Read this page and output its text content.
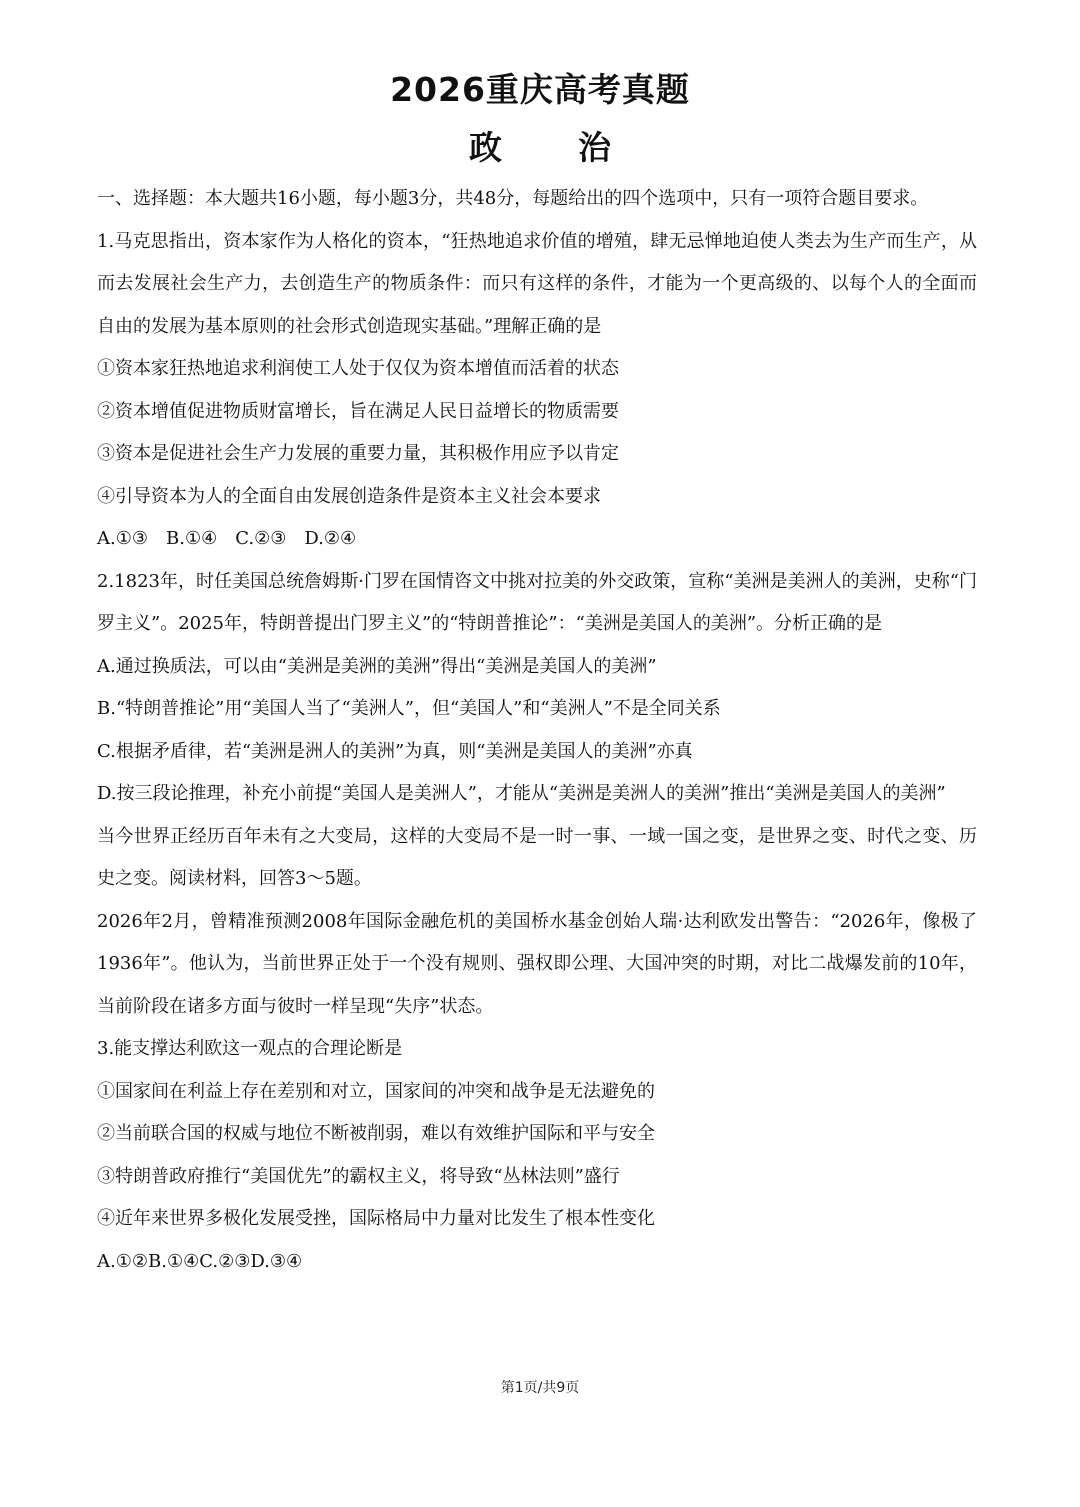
2026重庆高考真题
政 治

一、选择题：本大题共16小题，每小题3分，共48分，每题给出的四个选项中，只有一项符合题目要求。

1.马克思指出，资本家作为人格化的资本，“狂热地追求价值的增殖，肆无忌惮地迫使人类去为生产而生产，从而去发展社会生产力，去创造生产的物质条件：而只有这样的条件，才能为一个更高级的、以每个人的全面而自由的发展为基本原则的社会形式创造现实基础。”理解正确的是

①资本家狂热地追求利润使工人处于仅仅为资本增值而活着的状态

②资本增值促进物质财富增长，旨在满足人民日益增长的物质需要

③资本是促进社会生产力发展的重要力量，其积极作用应予以肯定

④引导资本为人的全面自由发展创造条件是资本主义社会本要求

A.①③　B.①④　C.②③　D.②④

2.1823年，时任美国总统詹姆斯·门罗在国情咨文中挑对拉美的外交政策，宣称“美洲是美洲人的美洲，史称“门罗主义”。2025年，特朗普提出门罗主义”的“特朗普推论”：“美洲是美国人的美洲”。分析正确的是

A.通过换质法，可以由“美洲是美洲的美洲”得出“美洲是美国人的美洲”

B.“特朗普推论”用“美国人当了“美洲人”，但“美国人”和“美洲人”不是全同关系

C.根据矛盾律，若“美洲是洲人的美洲”为真，则“美洲是美国人的美洲”亦真

D.按三段论推理，补充小前提“美国人是美洲人”，才能从“美洲是美洲人的美洲”推出“美洲是美国人的美洲”

当今世界正经历百年未有之大变局，这样的大变局不是一时一事、一域一国之变，是世界之变、时代之变、历史之变。阅读材料，回答3～5题。

2026年2月，曾精准预测2008年国际金融危机的美国桥水基金创始人瑞·达利欧发出警告：“2026年，像极了1936年”。他认为，当前世界正处于一个没有规则、强权即公理、大国冲突的时期，对比二战爆发前的10年，当前阶段在诸多方面与彼时一样呈现“失序”状态。

3.能支撑达利欧这一观点的合理论断是

①国家间在利益上存在差别和对立，国家间的冲突和战争是无法避免的

②当前联合国的权威与地位不断被削弱，难以有效维护国际和平与安全

③特朗普政府推行“美国优先”的霸权主义，将导致“丛林法则”盛行

④近年来世界多极化发展受挫，国际格局中力量对比发生了根本性变化

A.①②B.①④C.②③D.③④

第1页/共9页
